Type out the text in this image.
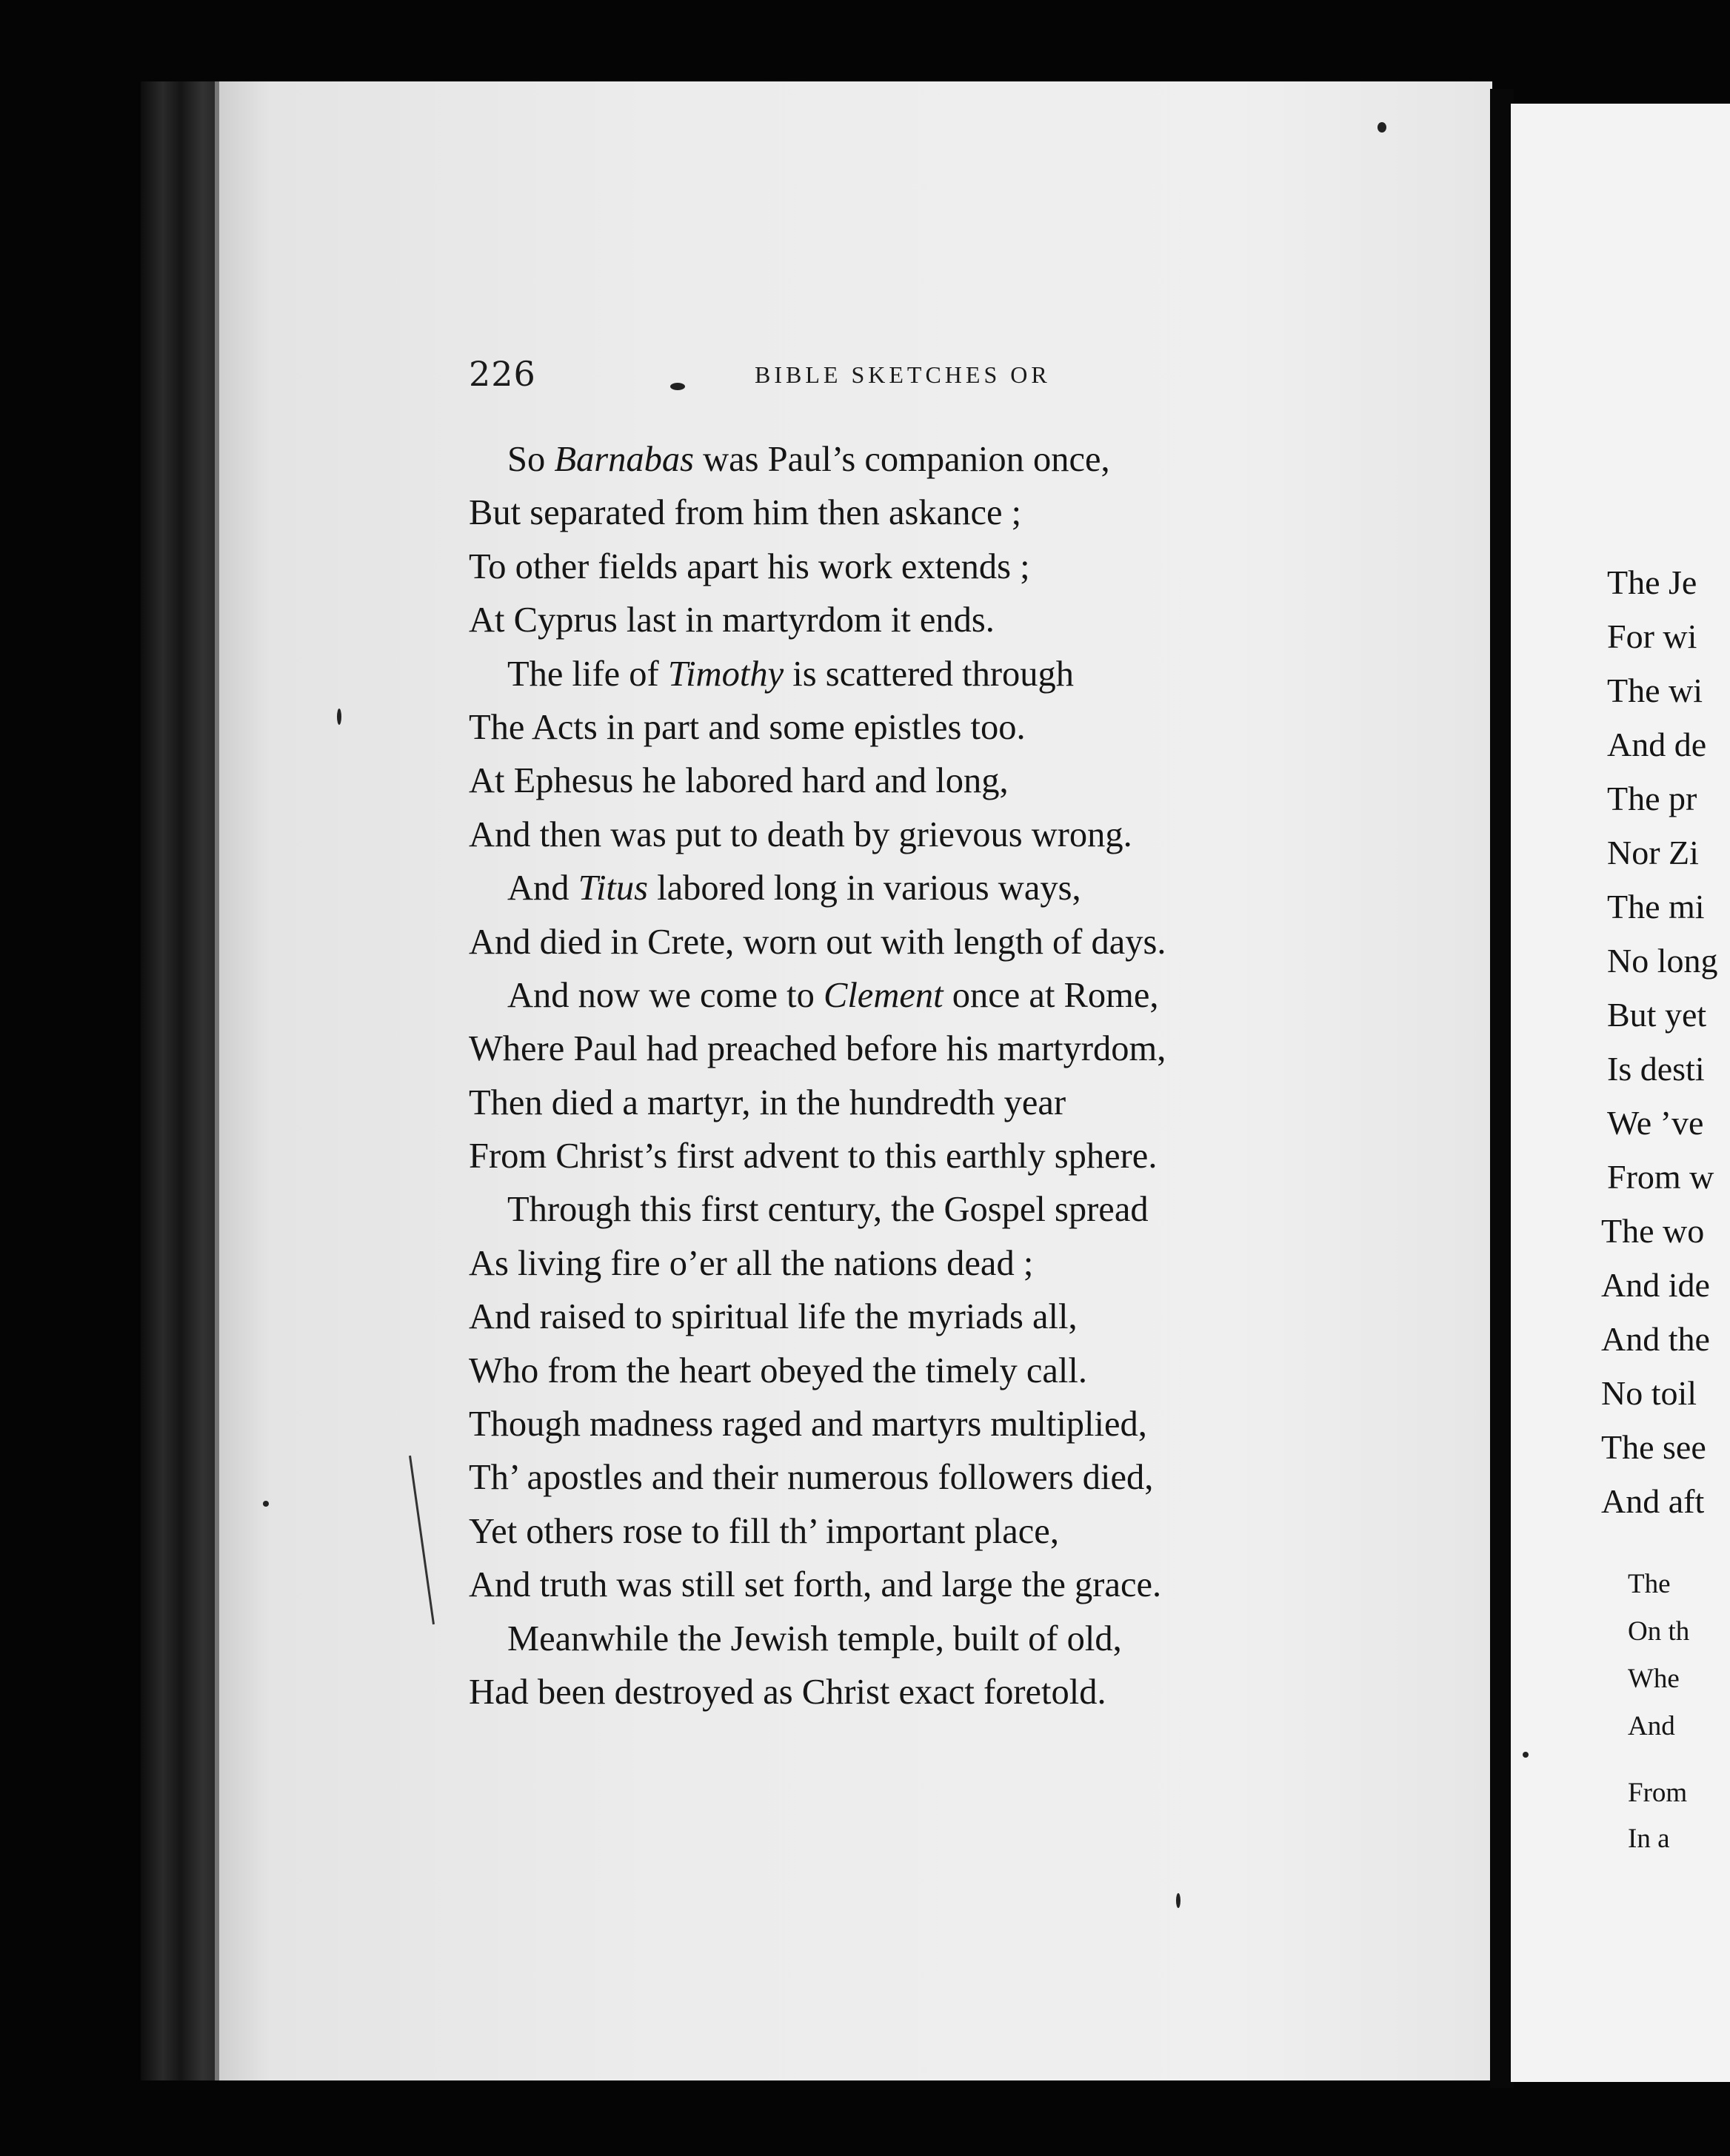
226	BIBLE SKETCHES OR
So Barnabas was Paul’s companion once,
But separated from him then askance ;
To other fields apart his work extends ;
At Cyprus last in martyrdom it ends.
The life of Timothy is scattered through
The Acts in part and some epistles too.
At Ephesus he labored hard and long,
And then was put to death by grievous wrong.
And Titus labored long in various ways,
And died in Crete, worn out with length of days.
And now we come to Clement once at Rome,
Where Paul had preached before his martyrdom,
Then died a martyr, in the hundredth year
From Christ’s first advent to this earthly sphere.
Through this first century, the Gospel spread
As living fire o’er all the nations dead ;
And raised to spiritual life the myriads all,
Who from the heart obeyed the timely call.
Though madness raged and martyrs multiplied,
Th’ apostles and their numerous followers died,
Yet others rose to fill th’ important place,
And truth was still set forth, and large the grace.
Meanwhile the Jewish temple, built of old,
Had been destroyed as Christ exact foretold.
The Je
For wi
The wi
And de
The pr
Nor Zi
The mi
No long
But yet
Is desti
We ’ve
From w
The wo
And ide
And the
No toil
The see
And aft
The
On th
Whe
And
From
In a
